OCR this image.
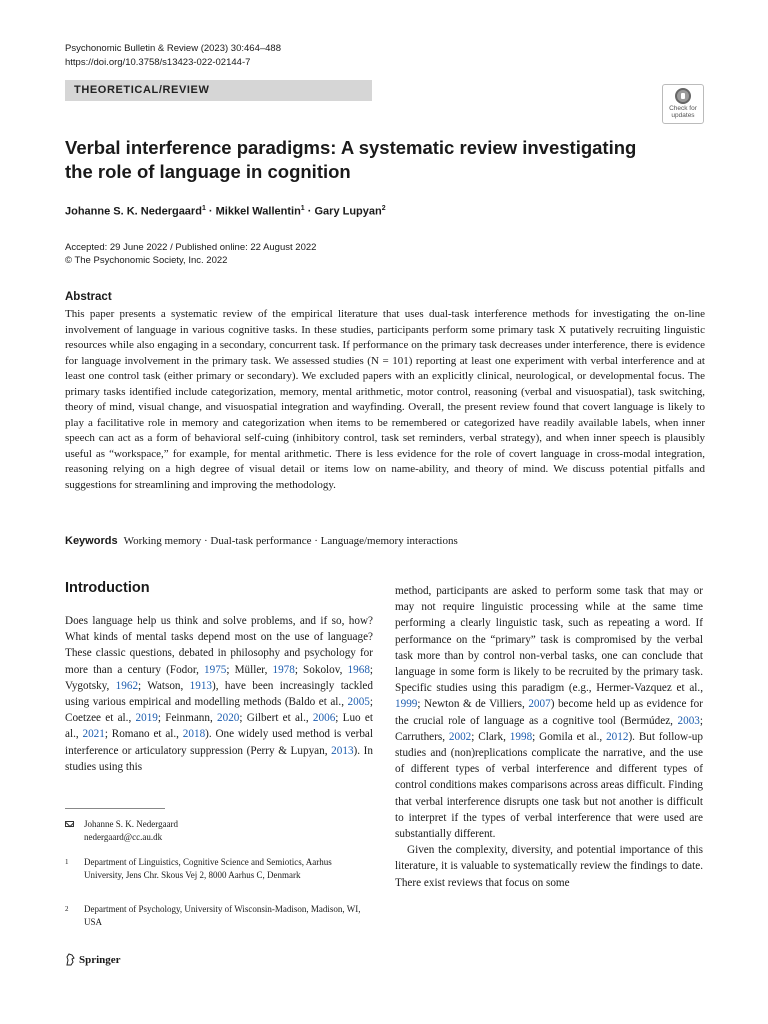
Psychonomic Bulletin & Review (2023) 30:464–488
https://doi.org/10.3758/s13423-022-02144-7
THEORETICAL/REVIEW
Check for
updates
Verbal interference paradigms: A systematic review investigating the role of language in cognition
Johanne S. K. Nedergaard$^1$ · Mikkel Wallentin$^1$ · Gary Lupyan$^2$
Accepted: 29 June 2022 / Published online: 22 August 2022
© The Psychonomic Society, Inc. 2022
Abstract
This paper presents a systematic review of the empirical literature that uses dual-task interference methods for investigating the on-line involvement of language in various cognitive tasks. In these studies, participants perform some primary task X putatively recruiting linguistic resources while also engaging in a secondary, concurrent task. If performance on the primary task decreases under interference, there is evidence for language involvement in the primary task. We assessed studies (N = 101) reporting at least one experiment with verbal interference and at least one control task (either primary or secondary). We excluded papers with an explicitly clinical, neurological, or developmental focus. The primary tasks identified include categorization, memory, mental arithmetic, motor control, reasoning (verbal and visuospatial), task switching, theory of mind, visual change, and visuospatial integration and wayfinding. Overall, the present review found that covert language is likely to play a facilitative role in memory and categorization when items to be remembered or categorized have readily available labels, when inner speech can act as a form of behavioral self-cuing (inhibitory control, task set reminders, verbal strategy), and when inner speech is plausibly useful as “workspace,” for example, for mental arithmetic. There is less evidence for the role of covert language in cross-modal integration, reasoning relying on a high degree of visual detail or items low on name-ability, and theory of mind. We discuss potential pitfalls and suggestions for streamlining and improving the methodology.
Keywords Working memory · Dual-task performance · Language/memory interactions
Introduction

Does language help us think and solve problems, and if so, how? What kinds of mental tasks depend most on the use of language? These classic questions, debated in philosophy and psychology for more than a century (Fodor, 1975; Müller, 1978; Sokolov, 1968; Vygotsky, 1962; Watson, 1913), have been increasingly tackled using various empirical and modelling methods (Baldo et al., 2005; Coetzee et al., 2019; Feinmann, 2020; Gilbert et al., 2006; Luo et al., 2021; Romano et al., 2018). One widely used method is verbal interference or articulatory suppression (Perry & Lupyan, 2013). In studies using this

method, participants are asked to perform some task that may or may not require linguistic processing while at the same time performing a clearly linguistic task, such as repeating a word. If performance on the “primary” task is compromised by the verbal task more than by control non-verbal tasks, one can conclude that language in some form is likely to be recruited by the primary task. Specific studies using this paradigm (e.g., Hermer-Vazquez et al., 1999; Newton & de Villiers, 2007) become held up as evidence for the crucial role of language as a cognitive tool (Bermúdez, 2003; Carruthers, 2002; Clark, 1998; Gomila et al., 2012). But follow-up studies and (non)replications complicate the narrative, and the use of different types of verbal interference and different types of control conditions makes comparisons across areas difficult. Finding that verbal interference disrupts one task but not another is difficult to interpret if the types of verbal interference that were used are substantially different.

Given the complexity, diversity, and potential importance of this literature, it is valuable to systematically review the findings to date. There exist reviews that focus on some

Johanne S. K. Nedergaard
nedergaard@cc.au.dk
1 Department of Linguistics, Cognitive Science and Semiotics, Aarhus University, Jens Chr. Skous Vej 2, 8000 Aarhus C, Denmark
2 Department of Psychology, University of Wisconsin-Madison, Madison, WI, USA
Springer
